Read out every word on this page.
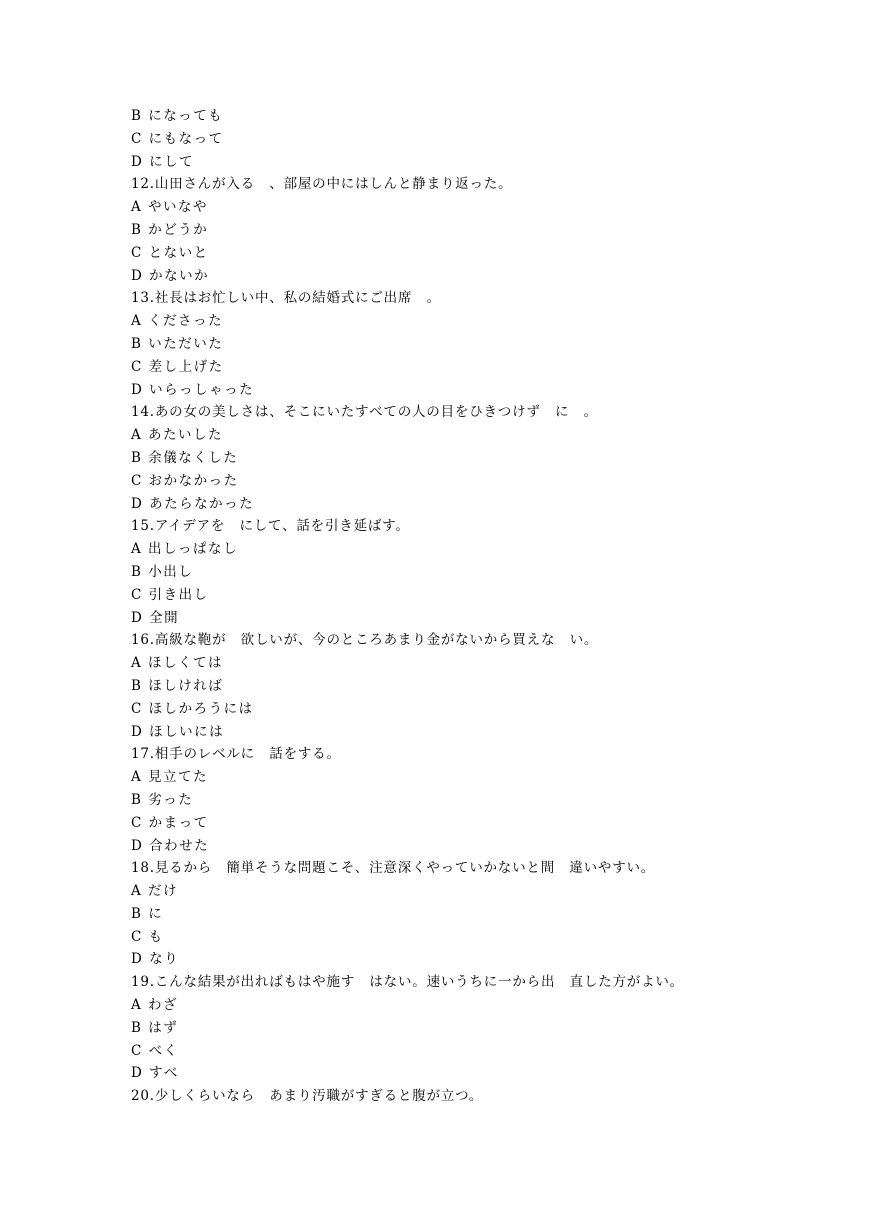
B になっても
C にもなって
D にして
12.山田さんが入る　、部屋の中にはしんと静まり返った。
A やいなや
B かどうか
C とないと
D かないか
13.社長はお忙しい中、私の結婚式にご出席　。
A くださった
B いただいた
C 差し上げた
D いらっしゃった
14.あの女の美しさは、そこにいたすべての人の目をひきつけず　に　。
A あたいした
B 余儀なくした
C おかなかった
D あたらなかった
15.アイデアを　にして、話を引き延ばす。
A 出しっぱなし
B 小出し
C 引き出し
D 全開
16.高級な鞄が　欲しいが、今のところあまり金がないから買えな　い。
A ほしくては
B ほしければ
C ほしかろうには
D ほしいには
17.相手のレベルに　話をする。
A 見立てた
B 劣った
C かまって
D 合わせた
18.見るから　簡単そうな問題こそ、注意深くやっていかないと間　違いやすい。
A だけ
B に
C も
D なり
19.こんな結果が出ればもはや施す　はない。速いうちに一から出　直した方がよい。
A わざ
B はず
C べく
D すべ
20.少しくらいなら　あまり汚職がすぎると腹が立つ。
